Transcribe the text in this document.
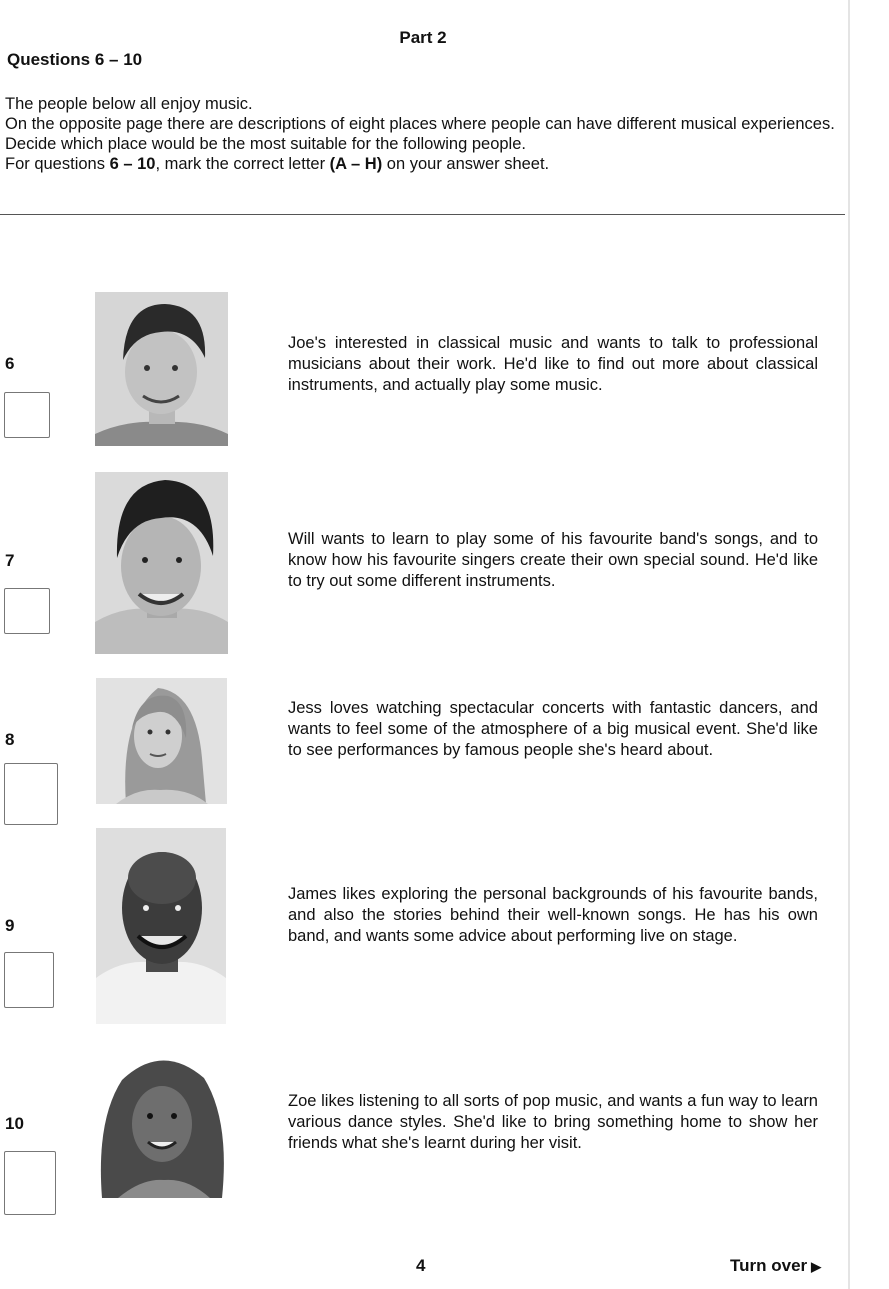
Part 2
Questions 6 – 10

The people below all enjoy music.

On the opposite page there are descriptions of eight places where people can have different musical experiences.

Decide which place would be the most suitable for the following people.

For questions 6 – 10, mark the correct letter (A – H) on your answer sheet.

6
Joe's interested in classical music and wants to talk to professional musicians about their work. He'd like to find out more about classical instruments, and actually play some music.
7
Will wants to learn to play some of his favourite band's songs, and to know how his favourite singers create their own special sound. He'd like to try out some different instruments.
8
Jess loves watching spectacular concerts with fantastic dancers, and wants to feel some of the atmosphere of a big musical event. She'd like to see performances by famous people she's heard about.
9
James likes exploring the personal backgrounds of his favourite bands, and also the stories behind their well-known songs. He has his own band, and wants some advice about performing live on stage.
10
Zoe likes listening to all sorts of pop music, and wants a fun way to learn various dance styles. She'd like to bring something home to show her friends what she's learnt during her visit.
4	Turn over ▶
